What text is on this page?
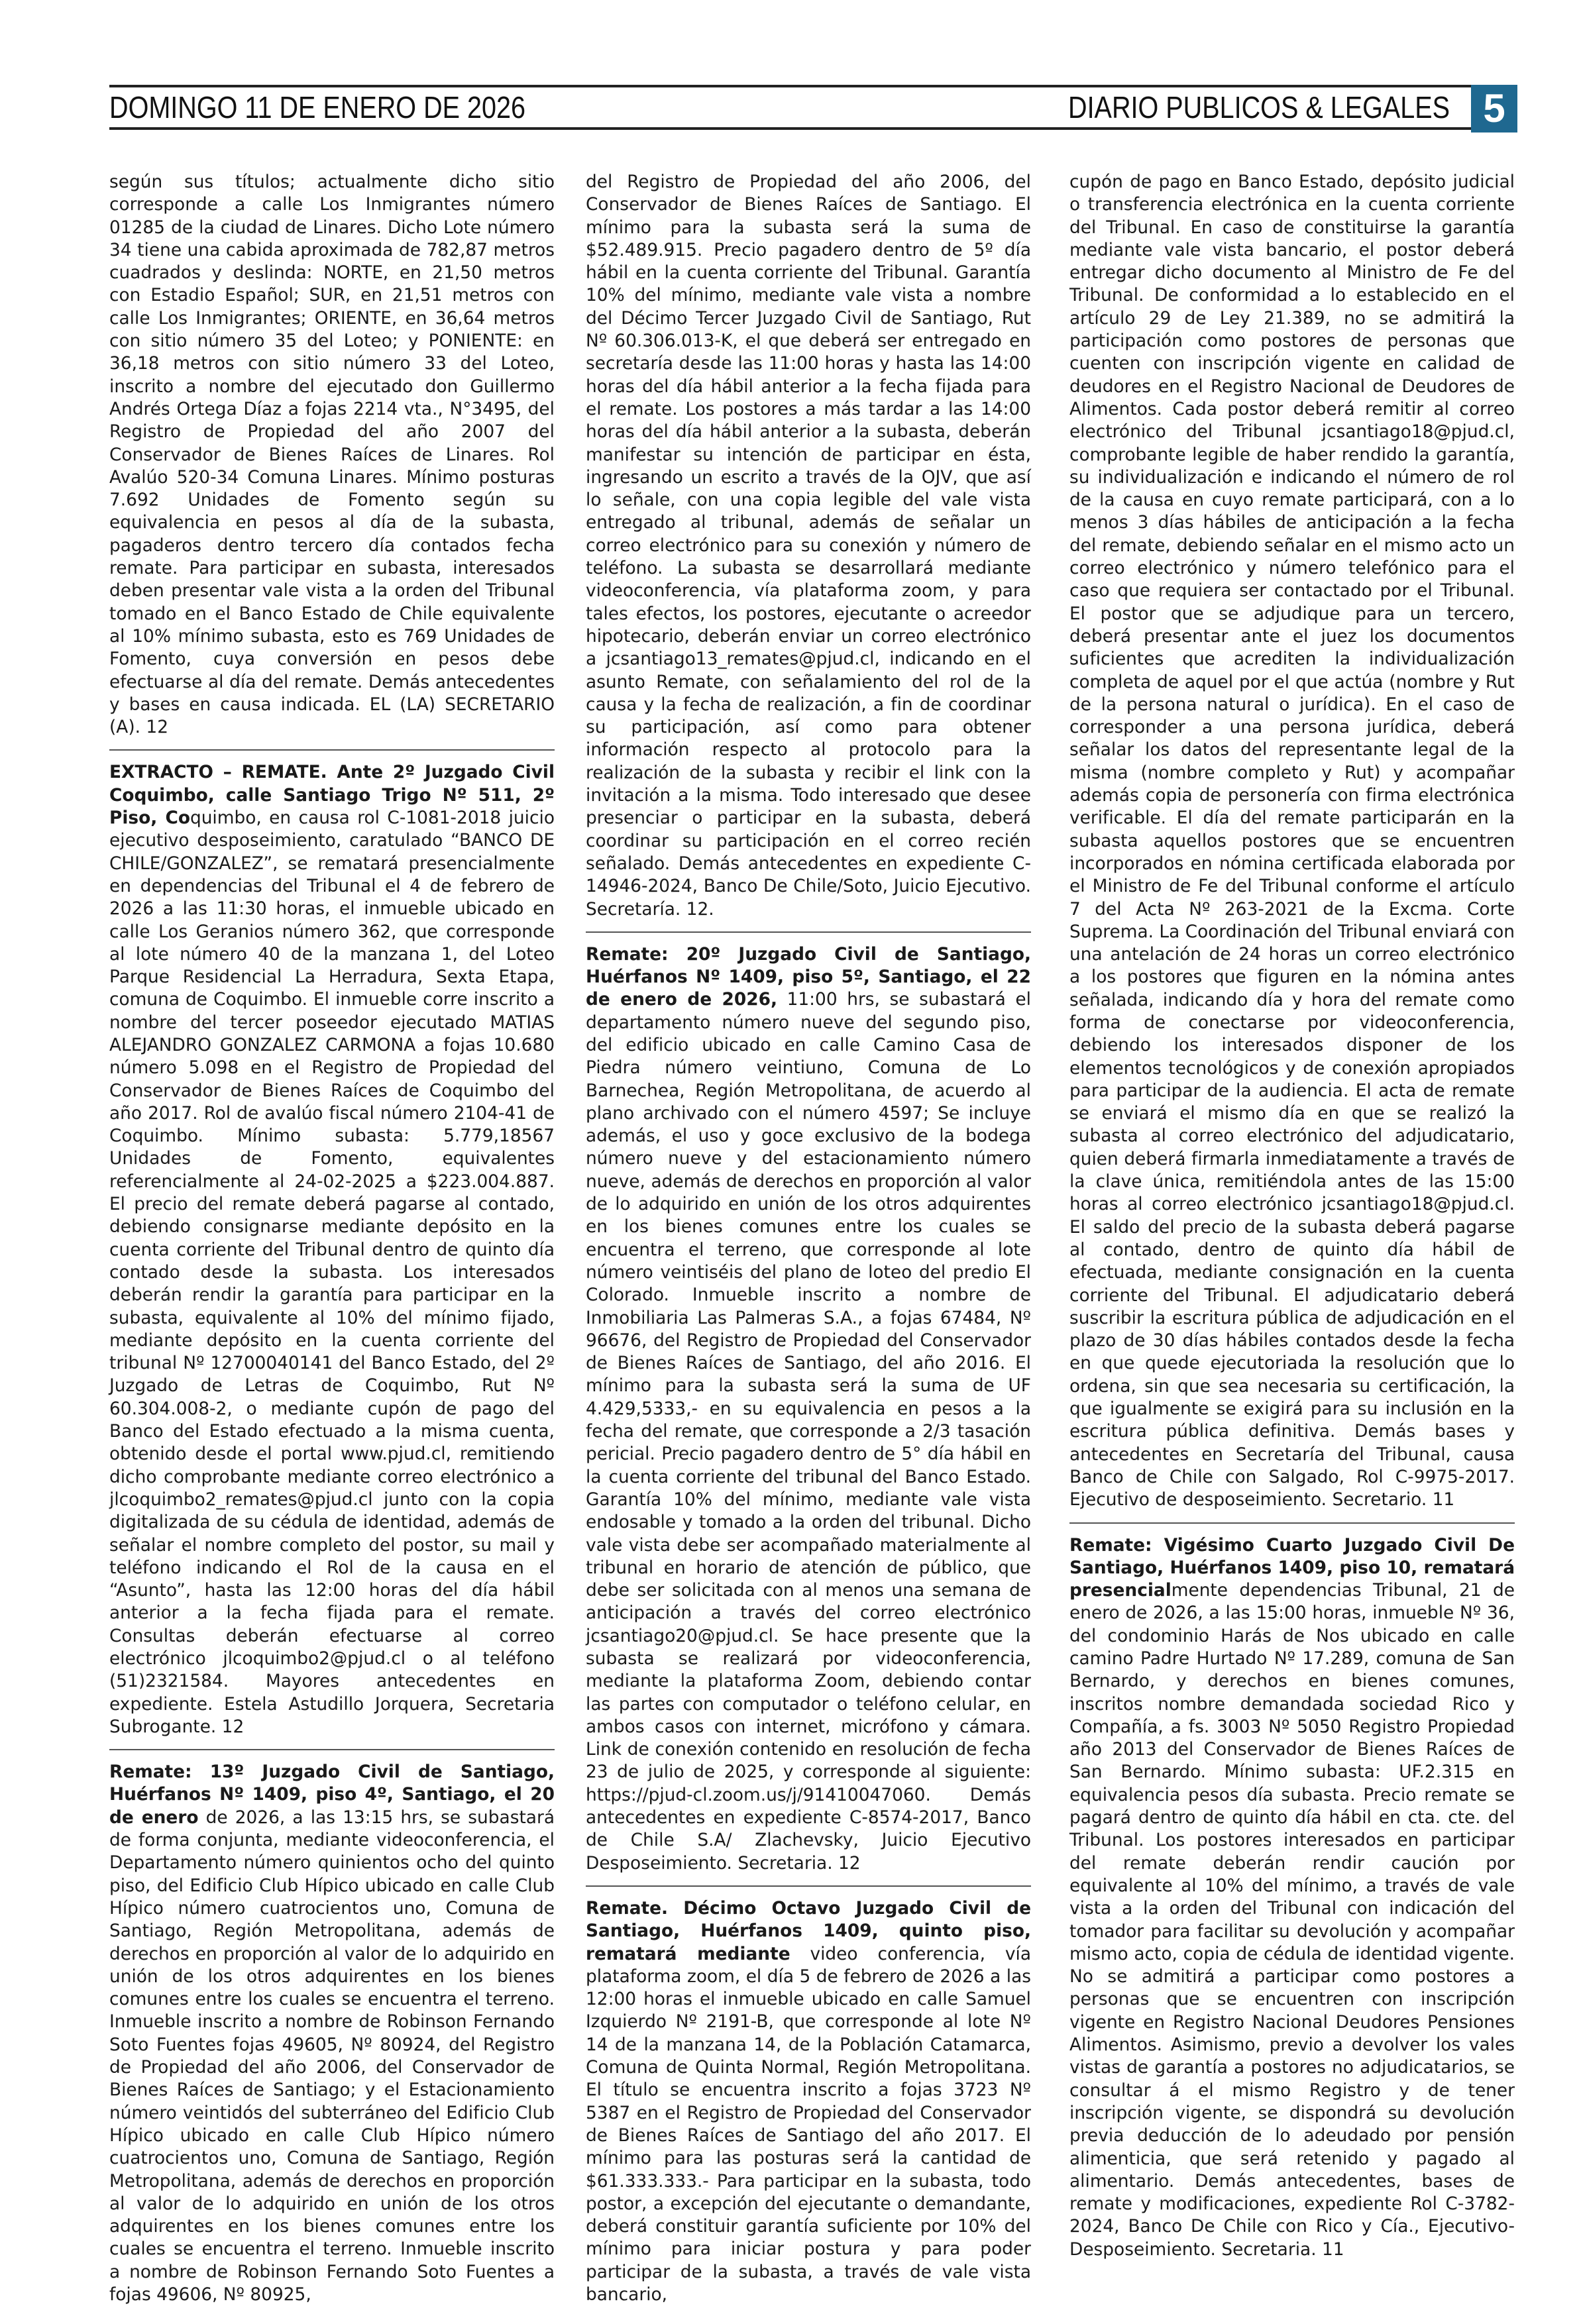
DOMINGO 11 DE ENERO DE 2026	DIARIO PUBLICOS & LEGALES 5

según sus títulos; actualmente dicho sitio corresponde a calle Los Inmigrantes número 01285 de la ciudad de Linares. Dicho Lote número 34 tiene una cabida aproximada de 782,87 metros cuadrados y deslinda: NORTE, en 21,50 metros con Estadio Español; SUR, en 21,51 metros con calle Los Inmigrantes; ORIENTE, en 36,64 metros con sitio número 35 del Loteo; y PONIENTE: en 36,18 metros con sitio número 33 del Loteo, inscrito a nombre del ejecutado don Guillermo Andrés Ortega Díaz a fojas 2214 vta., N°3495, del Registro de Propiedad del año 2007 del Conservador de Bienes Raíces de Linares. Rol Avalúo 520-34 Comuna Linares. Mínimo posturas 7.692 Unidades de Fomento según su equivalencia en pesos al día de la subasta, pagaderos dentro tercero día contados fecha remate. Para participar en subasta, interesados deben presentar vale vista a la orden del Tribunal tomado en el Banco Estado de Chile equivalente al 10% mínimo subasta, esto es 769 Unidades de Fomento, cuya conversión en pesos debe efectuarse al día del remate. Demás antecedentes y bases en causa indicada. EL (LA) SECRETARIO (A). 12

EXTRACTO – REMATE. Ante 2º Juzgado Civil Coquimbo, calle Santiago Trigo Nº 511, 2º Piso, Coquimbo, en causa rol C-1081-2018 juicio ejecutivo desposeimiento, caratulado “BANCO DE CHILE/GONZALEZ”, se rematará presencialmente en dependencias del Tribunal el 4 de febrero de 2026 a las 11:30 horas, el inmueble ubicado en calle Los Geranios número 362, que corresponde al lote número 40 de la manzana 1, del Loteo Parque Residencial La Herradura, Sexta Etapa, comuna de Coquimbo. El inmueble corre inscrito a nombre del tercer poseedor ejecutado MATIAS ALEJANDRO GONZALEZ CARMONA a fojas 10.680 número 5.098 en el Registro de Propiedad del Conservador de Bienes Raíces de Coquimbo del año 2017. Rol de avalúo fiscal número 2104-41 de Coquimbo. Mínimo subasta: 5.779,18567 Unidades de Fomento, equivalentes referencialmente al 24-02-2025 a $223.004.887. El precio del remate deberá pagarse al contado, debiendo consignarse mediante depósito en la cuenta corriente del Tribunal dentro de quinto día contado desde la subasta. Los interesados deberán rendir la garantía para participar en la subasta, equivalente al 10% del mínimo fijado, mediante depósito en la cuenta corriente del tribunal Nº 12700040141 del Banco Estado, del 2º Juzgado de Letras de Coquimbo, Rut Nº 60.304.008-2, o mediante cupón de pago del Banco del Estado efectuado a la misma cuenta, obtenido desde el portal www.pjud.cl, remitiendo dicho comprobante mediante correo electrónico a jlcoquimbo2_remates@pjud.cl junto con la copia digitalizada de su cédula de identidad, además de señalar el nombre completo del postor, su mail y teléfono indicando el Rol de la causa en el “Asunto”, hasta las 12:00 horas del día hábil anterior a la fecha fijada para el remate. Consultas deberán efectuarse al correo electrónico jlcoquimbo2@pjud.cl o al teléfono (51)2321584. Mayores antecedentes en expediente. Estela Astudillo Jorquera, Secretaria Subrogante. 12

Remate: 13º Juzgado Civil de Santiago, Huérfanos Nº 1409, piso 4º, Santiago, el 20 de enero de 2026, a las 13:15 hrs, se subastará de forma conjunta, mediante videoconferencia, el Departamento número quinientos ocho del quinto piso, del Edificio Club Hípico ubicado en calle Club Hípico número cuatrocientos uno, Comuna de Santiago, Región Metropolitana, además de derechos en proporción al valor de lo adquirido en unión de los otros adquirentes en los bienes comunes entre los cuales se encuentra el terreno. Inmueble inscrito a nombre de Robinson Fernando Soto Fuentes fojas 49605, Nº 80924, del Registro de Propiedad del año 2006, del Conservador de Bienes Raíces de Santiago; y el Estacionamiento número veintidós del subterráneo del Edificio Club Hípico ubicado en calle Club Hípico número cuatrocientos uno, Comuna de Santiago, Región Metropolitana, además de derechos en proporción al valor de lo adquirido en unión de los otros adquirentes en los bienes comunes entre los cuales se encuentra el terreno. Inmueble inscrito a nombre de Robinson Fernando Soto Fuentes a fojas 49606, Nº 80925,

del Registro de Propiedad del año 2006, del Conservador de Bienes Raíces de Santiago. El mínimo para la subasta será la suma de $52.489.915. Precio pagadero dentro de 5º día hábil en la cuenta corriente del Tribunal. Garantía 10% del mínimo, mediante vale vista a nombre del Décimo Tercer Juzgado Civil de Santiago, Rut Nº 60.306.013-K, el que deberá ser entregado en secretaría desde las 11:00 horas y hasta las 14:00 horas del día hábil anterior a la fecha fijada para el remate. Los postores a más tardar a las 14:00 horas del día hábil anterior a la subasta, deberán manifestar su intención de participar en ésta, ingresando un escrito a través de la OJV, que así lo señale, con una copia legible del vale vista entregado al tribunal, además de señalar un correo electrónico para su conexión y número de teléfono. La subasta se desarrollará mediante videoconferencia, vía plataforma zoom, y para tales efectos, los postores, ejecutante o acreedor hipotecario, deberán enviar un correo electrónico a jcsantiago13_remates@pjud.cl, indicando en el asunto Remate, con señalamiento del rol de la causa y la fecha de realización, a fin de coordinar su participación, así como para obtener información respecto al protocolo para la realización de la subasta y recibir el link con la invitación a la misma. Todo interesado que desee presenciar o participar en la subasta, deberá coordinar su participación en el correo recién señalado. Demás antecedentes en expediente C-14946-2024, Banco De Chile/Soto, Juicio Ejecutivo. Secretaría. 12.

Remate: 20º Juzgado Civil de Santiago, Huérfanos Nº 1409, piso 5º, Santiago, el 22 de enero de 2026, 11:00 hrs, se subastará el departamento número nueve del segundo piso, del edificio ubicado en calle Camino Casa de Piedra número veintiuno, Comuna de Lo Barnechea, Región Metropolitana, de acuerdo al plano archivado con el número 4597; Se incluye además, el uso y goce exclusivo de la bodega número nueve y del estacionamiento número nueve, además de derechos en proporción al valor de lo adquirido en unión de los otros adquirentes en los bienes comunes entre los cuales se encuentra el terreno, que corresponde al lote número veintiséis del plano de loteo del predio El Colorado. Inmueble inscrito a nombre de Inmobiliaria Las Palmeras S.A., a fojas 67484, Nº 96676, del Registro de Propiedad del Conservador de Bienes Raíces de Santiago, del año 2016. El mínimo para la subasta será la suma de UF 4.429,5333,- en su equivalencia en pesos a la fecha del remate, que corresponde a 2/3 tasación pericial. Precio pagadero dentro de 5° día hábil en la cuenta corriente del tribunal del Banco Estado. Garantía 10% del mínimo, mediante vale vista endosable y tomado a la orden del tribunal. Dicho vale vista debe ser acompañado materialmente al tribunal en horario de atención de público, que debe ser solicitada con al menos una semana de anticipación a través del correo electrónico jcsantiago20@pjud.cl. Se hace presente que la subasta se realizará por videoconferencia, mediante la plataforma Zoom, debiendo contar las partes con computador o teléfono celular, en ambos casos con internet, micrófono y cámara. Link de conexión contenido en resolución de fecha 23 de julio de 2025, y corresponde al siguiente: https://pjud-cl.zoom.us/j/91410047060. Demás antecedentes en expediente C-8574-2017, Banco de Chile S.A/ Zlachevsky, Juicio Ejecutivo Desposeimiento. Secretaria. 12

Remate. Décimo Octavo Juzgado Civil de Santiago, Huérfanos 1409, quinto piso, rematará mediante video conferencia, vía plataforma zoom, el día 5 de febrero de 2026 a las 12:00 horas el inmueble ubicado en calle Samuel Izquierdo Nº 2191-B, que corresponde al lote Nº 14 de la manzana 14, de la Población Catamarca, Comuna de Quinta Normal, Región Metropolitana. El título se encuentra inscrito a fojas 3723 Nº 5387 en el Registro de Propiedad del Conservador de Bienes Raíces de Santiago del año 2017. El mínimo para las posturas será la cantidad de $61.333.333.- Para participar en la subasta, todo postor, a excepción del ejecutante o demandante, deberá constituir garantía suficiente por 10% del mínimo para iniciar postura y para poder participar de la subasta, a través de vale vista bancario,

cupón de pago en Banco Estado, depósito judicial o transferencia electrónica en la cuenta corriente del Tribunal. En caso de constituirse la garantía mediante vale vista bancario, el postor deberá entregar dicho documento al Ministro de Fe del Tribunal. De conformidad a lo establecido en el artículo 29 de Ley 21.389, no se admitirá la participación como postores de personas que cuenten con inscripción vigente en calidad de deudores en el Registro Nacional de Deudores de Alimentos. Cada postor deberá remitir al correo electrónico del Tribunal jcsantiago18@pjud.cl, comprobante legible de haber rendido la garantía, su individualización e indicando el número de rol de la causa en cuyo remate participará, con a lo menos 3 días hábiles de anticipación a la fecha del remate, debiendo señalar en el mismo acto un correo electrónico y número telefónico para el caso que requiera ser contactado por el Tribunal. El postor que se adjudique para un tercero, deberá presentar ante el juez los documentos suficientes que acrediten la individualización completa de aquel por el que actúa (nombre y Rut de la persona natural o jurídica). En el caso de corresponder a una persona jurídica, deberá señalar los datos del representante legal de la misma (nombre completo y Rut) y acompañar además copia de personería con firma electrónica verificable. El día del remate participarán en la subasta aquellos postores que se encuentren incorporados en nómina certificada elaborada por el Ministro de Fe del Tribunal conforme el artículo 7 del Acta Nº 263-2021 de la Excma. Corte Suprema. La Coordinación del Tribunal enviará con una antelación de 24 horas un correo electrónico a los postores que figuren en la nómina antes señalada, indicando día y hora del remate como forma de conectarse por videoconferencia, debiendo los interesados disponer de los elementos tecnológicos y de conexión apropiados para participar de la audiencia. El acta de remate se enviará el mismo día en que se realizó la subasta al correo electrónico del adjudicatario, quien deberá firmarla inmediatamente a través de la clave única, remitiéndola antes de las 15:00 horas al correo electrónico jcsantiago18@pjud.cl. El saldo del precio de la subasta deberá pagarse al contado, dentro de quinto día hábil de efectuada, mediante consignación en la cuenta corriente del Tribunal. El adjudicatario deberá suscribir la escritura pública de adjudicación en el plazo de 30 días hábiles contados desde la fecha en que quede ejecutoriada la resolución que lo ordena, sin que sea necesaria su certificación, la que igualmente se exigirá para su inclusión en la escritura pública definitiva. Demás bases y antecedentes en Secretaría del Tribunal, causa Banco de Chile con Salgado, Rol C-9975-2017. Ejecutivo de desposeimiento. Secretario. 11

Remate: Vigésimo Cuarto Juzgado Civil De Santiago, Huérfanos 1409, piso 10, rematará presencialmente dependencias Tribunal, 21 de enero de 2026, a las 15:00 horas, inmueble Nº 36, del condominio Harás de Nos ubicado en calle camino Padre Hurtado Nº 17.289, comuna de San Bernardo, y derechos en bienes comunes, inscritos nombre demandada sociedad Rico y Compañía, a fs. 3003 Nº 5050 Registro Propiedad año 2013 del Conservador de Bienes Raíces de San Bernardo. Mínimo subasta: UF.2.315 en equivalencia pesos día subasta. Precio remate se pagará dentro de quinto día hábil en cta. cte. del Tribunal. Los postores interesados en participar del remate deberán rendir caución por equivalente al 10% del mínimo, a través de vale vista a la orden del Tribunal con indicación del tomador para facilitar su devolución y acompañar mismo acto, copia de cédula de identidad vigente. No se admitirá a participar como postores a personas que se encuentren con inscripción vigente en Registro Nacional Deudores Pensiones Alimentos. Asimismo, previo a devolver los vales vistas de garantía a postores no adjudicatarios, se consultar á el mismo Registro y de tener inscripción vigente, se dispondrá su devolución previa deducción de lo adeudado por pensión alimenticia, que será retenido y pagado al alimentario. Demás antecedentes, bases de remate y modificaciones, expediente Rol C-3782-2024, Banco De Chile con Rico y Cía., Ejecutivo-Desposeimiento. Secretaria. 11
